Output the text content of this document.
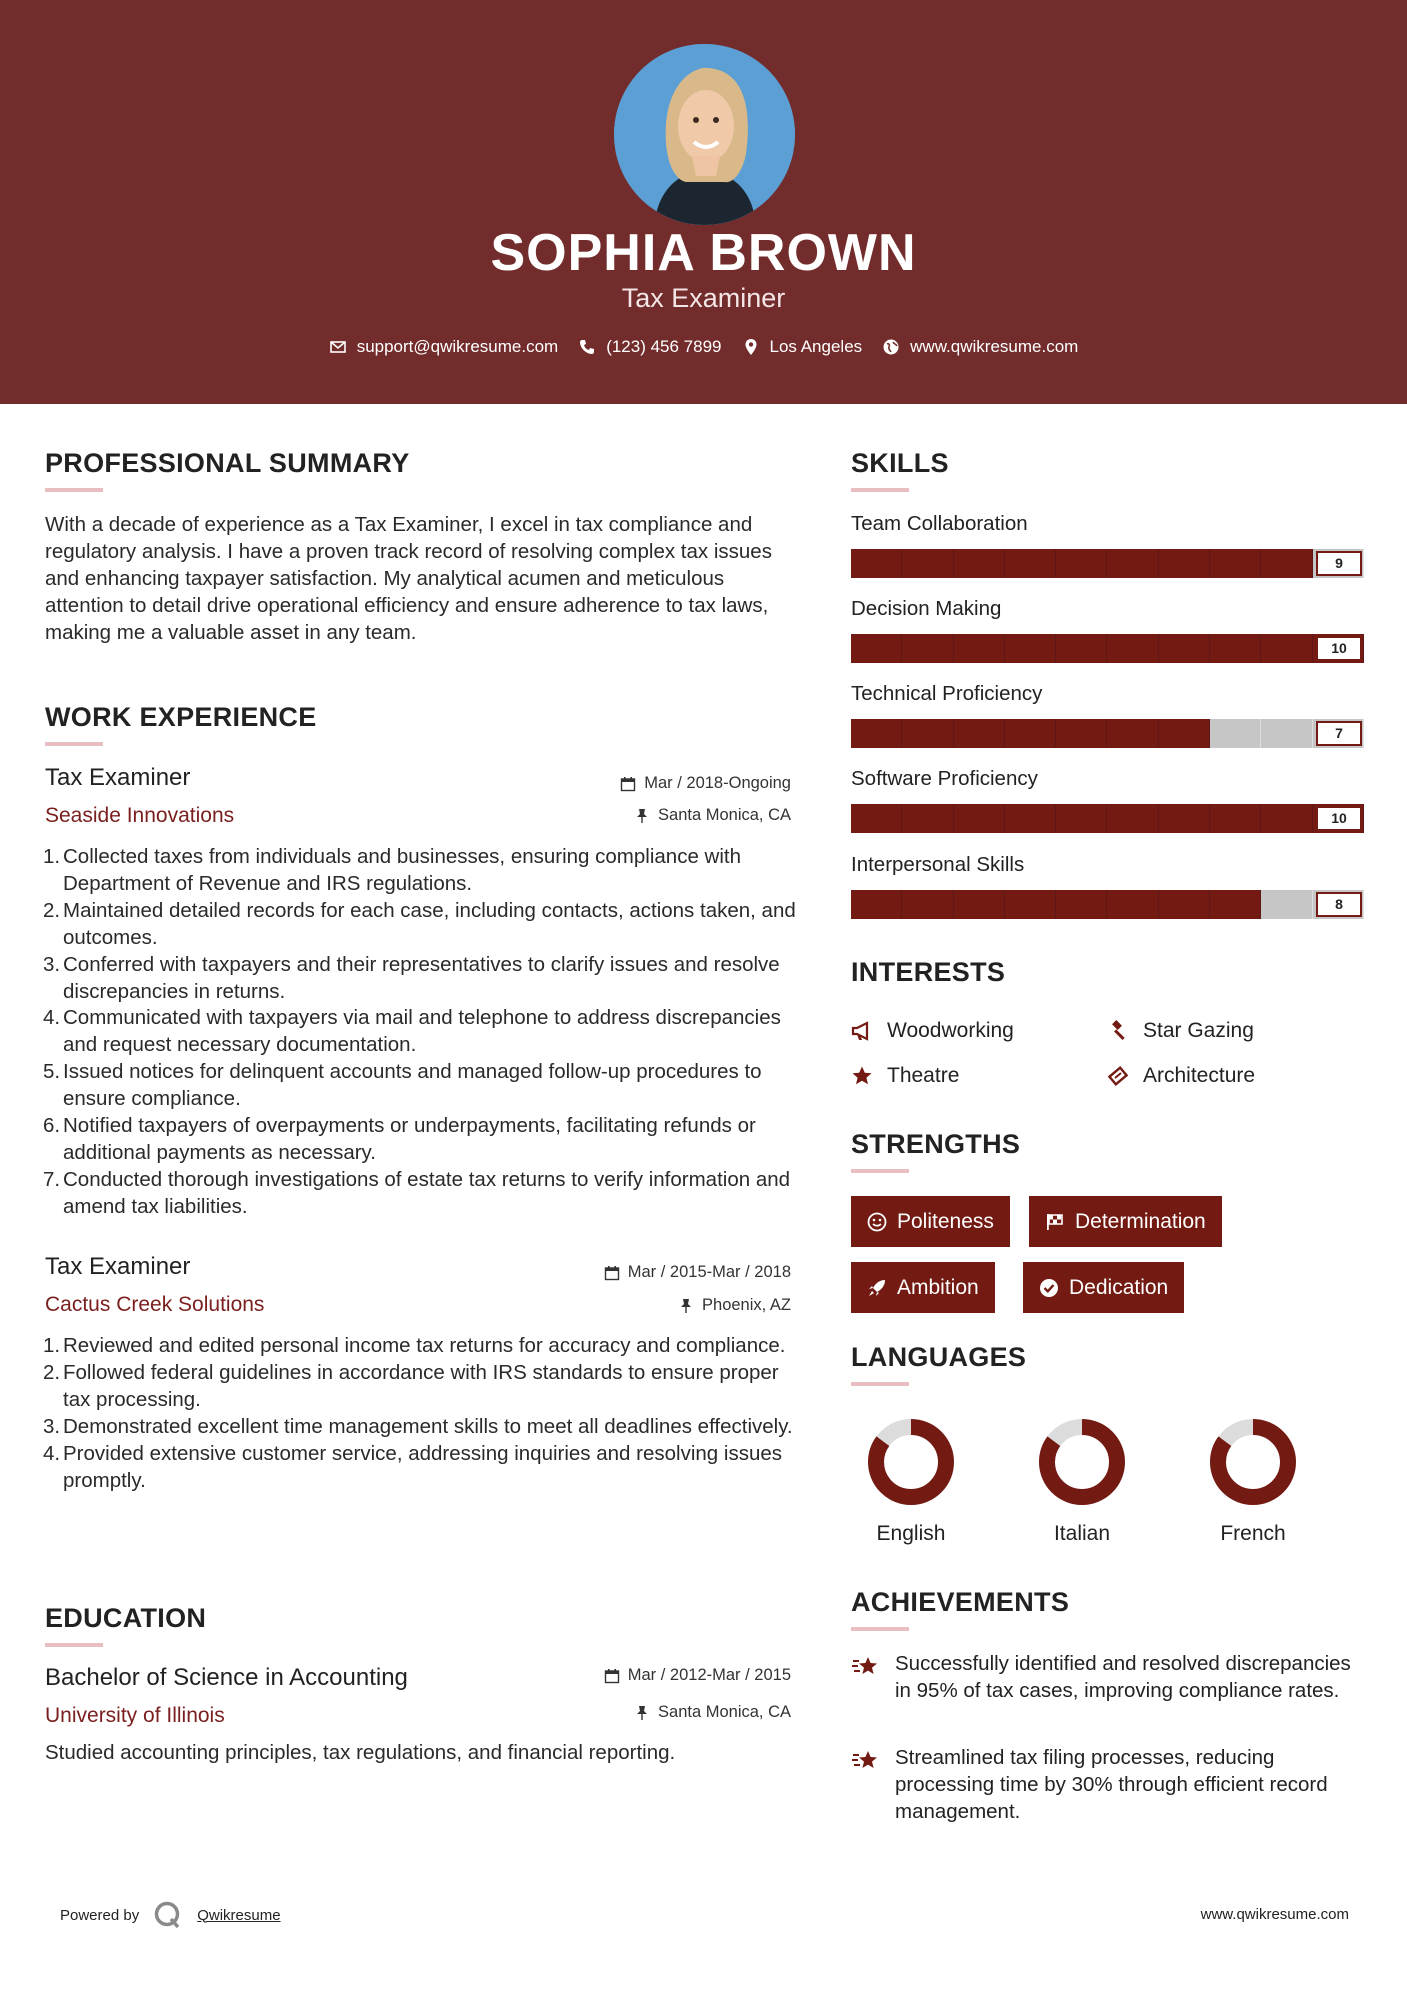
SOPHIA BROWN
Tax Examiner
support@qwikresume.com	(123) 456 7899	Los Angeles	www.qwikresume.com
PROFESSIONAL SUMMARY
With a decade of experience as a Tax Examiner, I excel in tax compliance and regulatory analysis. I have a proven track record of resolving complex tax issues and enhancing taxpayer satisfaction. My analytical acumen and meticulous attention to detail drive operational efficiency and ensure adherence to tax laws, making me a valuable asset in any team.
WORK EXPERIENCE
Tax Examiner
Seaside Innovations
Mar / 2018-Ongoing
Santa Monica, CA
1. Collected taxes from individuals and businesses, ensuring compliance with Department of Revenue and IRS regulations.
2. Maintained detailed records for each case, including contacts, actions taken, and outcomes.
3. Conferred with taxpayers and their representatives to clarify issues and resolve discrepancies in returns.
4. Communicated with taxpayers via mail and telephone to address discrepancies and request necessary documentation.
5. Issued notices for delinquent accounts and managed follow-up procedures to ensure compliance.
6. Notified taxpayers of overpayments or underpayments, facilitating refunds or additional payments as necessary.
7. Conducted thorough investigations of estate tax returns to verify information and amend tax liabilities.
Tax Examiner
Cactus Creek Solutions
Mar / 2015-Mar / 2018
Phoenix, AZ
1. Reviewed and edited personal income tax returns for accuracy and compliance.
2. Followed federal guidelines in accordance with IRS standards to ensure proper tax processing.
3. Demonstrated excellent time management skills to meet all deadlines effectively.
4. Provided extensive customer service, addressing inquiries and resolving issues promptly.
EDUCATION
Bachelor of Science in Accounting
University of Illinois
Mar / 2012-Mar / 2015
Santa Monica, CA
Studied accounting principles, tax regulations, and financial reporting.
SKILLS
Team Collaboration
9
Decision Making
10
Technical Proficiency
7
Software Proficiency
10
Interpersonal Skills
8
INTERESTS
Woodworking	Star Gazing
Theatre	Architecture
STRENGTHS
Politeness	Determination
Ambition	Dedication
LANGUAGES
English	Italian	French
ACHIEVEMENTS
Successfully identified and resolved discrepancies in 95% of tax cases, improving compliance rates.
Streamlined tax filing processes, reducing processing time by 30% through efficient record management.
Powered by	Qwikresume	www.qwikresume.com
